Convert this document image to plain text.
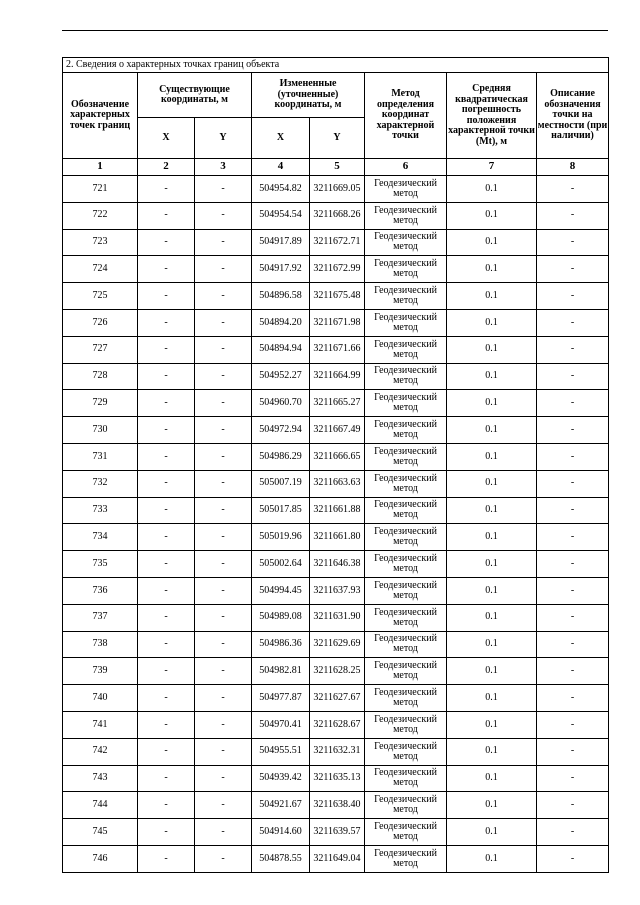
2. Сведения о характерных точках границ объекта							
Обозначение характерных точек границ	Существующие координаты, м		Измененные (уточненные) координаты, м		Метод определения координат характерной точки	Средняя квадратическая погрешность положения характерной точки (Mt), м	Описание обозначения точки на местности (при наличии)
	X	Y	X	Y			
1	2	3	4	5	6	7	8
721	-	-	504954.82	3211669.05	Геодезический метод	0.1	-
722	-	-	504954.54	3211668.26	Геодезический метод	0.1	-
723	-	-	504917.89	3211672.71	Геодезический метод	0.1	-
724	-	-	504917.92	3211672.99	Геодезический метод	0.1	-
725	-	-	504896.58	3211675.48	Геодезический метод	0.1	-
726	-	-	504894.20	3211671.98	Геодезический метод	0.1	-
727	-	-	504894.94	3211671.66	Геодезический метод	0.1	-
728	-	-	504952.27	3211664.99	Геодезический метод	0.1	-
729	-	-	504960.70	3211665.27	Геодезический метод	0.1	-
730	-	-	504972.94	3211667.49	Геодезический метод	0.1	-
731	-	-	504986.29	3211666.65	Геодезический метод	0.1	-
732	-	-	505007.19	3211663.63	Геодезический метод	0.1	-
733	-	-	505017.85	3211661.88	Геодезический метод	0.1	-
734	-	-	505019.96	3211661.80	Геодезический метод	0.1	-
735	-	-	505002.64	3211646.38	Геодезический метод	0.1	-
736	-	-	504994.45	3211637.93	Геодезический метод	0.1	-
737	-	-	504989.08	3211631.90	Геодезический метод	0.1	-
738	-	-	504986.36	3211629.69	Геодезический метод	0.1	-
739	-	-	504982.81	3211628.25	Геодезический метод	0.1	-
740	-	-	504977.87	3211627.67	Геодезический метод	0.1	-
741	-	-	504970.41	3211628.67	Геодезический метод	0.1	-
742	-	-	504955.51	3211632.31	Геодезический метод	0.1	-
743	-	-	504939.42	3211635.13	Геодезический метод	0.1	-
744	-	-	504921.67	3211638.40	Геодезический метод	0.1	-
745	-	-	504914.60	3211639.57	Геодезический метод	0.1	-
746	-	-	504878.55	3211649.04	Геодезический метод	0.1	-
